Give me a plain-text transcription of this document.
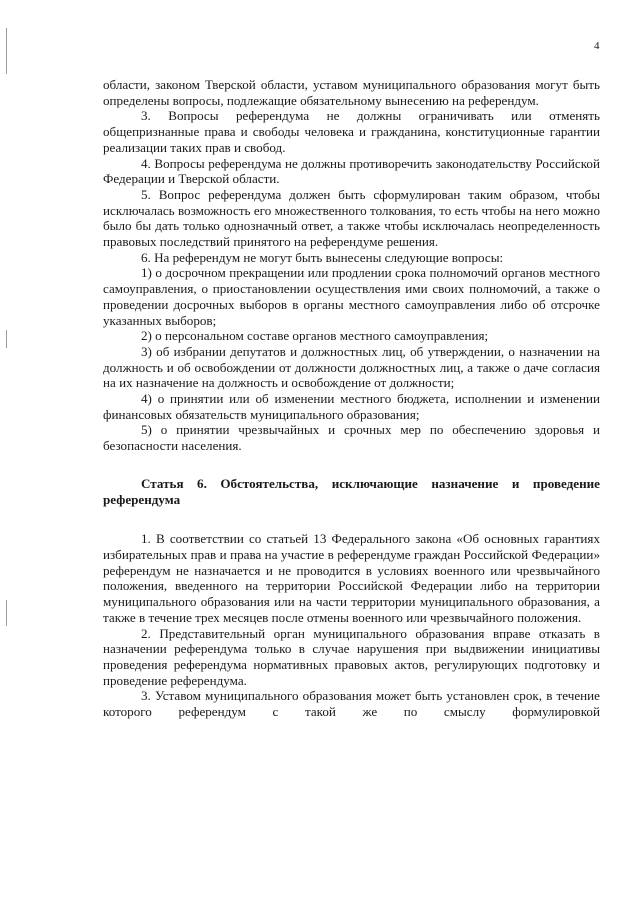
4

области, законом Тверской области, уставом муниципального образования могут быть определены вопросы, подлежащие обязательному вынесению на референдум.

3. Вопросы референдума не должны ограничивать или отменять общепризнанные права и свободы человека и гражданина, конституционные гарантии реализации таких прав и свобод.

4. Вопросы референдума не должны противоречить законодательству Российской Федерации и Тверской области.

5. Вопрос референдума должен быть сформулирован таким образом, чтобы исключалась возможность его множественного толкования, то есть чтобы на него можно было бы дать только однозначный ответ, а также чтобы исключалась неопределенность правовых последствий принятого на референдуме решения.

6. На референдум не могут быть вынесены следующие вопросы:

1) о досрочном прекращении или продлении срока полномочий органов местного самоуправления, о приостановлении осуществления ими своих полномочий, а также о проведении досрочных выборов в органы местного самоуправления либо об отсрочке указанных выборов;

2) о персональном составе органов местного самоуправления;

3) об избрании депутатов и должностных лиц, об утверждении, о назначении на должность и об освобождении от должности должностных лиц, а также о даче согласия на их назначение на должность и освобождение от должности;

4) о принятии или об изменении местного бюджета, исполнении и изменении финансовых обязательств муниципального образования;

5) о принятии чрезвычайных и срочных мер по обеспечению здоровья и безопасности населения.

Статья 6. Обстоятельства, исключающие назначение и проведение референдума

1. В соответствии со статьей 13 Федерального закона «Об основных гарантиях избирательных прав и права на участие в референдуме граждан Российской Федерации» референдум не назначается и не проводится в условиях военного или чрезвычайного положения, введенного на территории Российской Федерации либо на территории муниципального образования или на части территории муниципального образования, а также в течение трех месяцев после отмены военного или чрезвычайного положения.

2. Представительный орган муниципального образования вправе отказать в назначении референдума только в случае нарушения при выдвижении инициативы проведения референдума нормативных правовых актов, регулирующих подготовку и проведение референдума.

3. Уставом муниципального образования может быть установлен срок, в течение которого референдум с такой же по смыслу формулировкой
